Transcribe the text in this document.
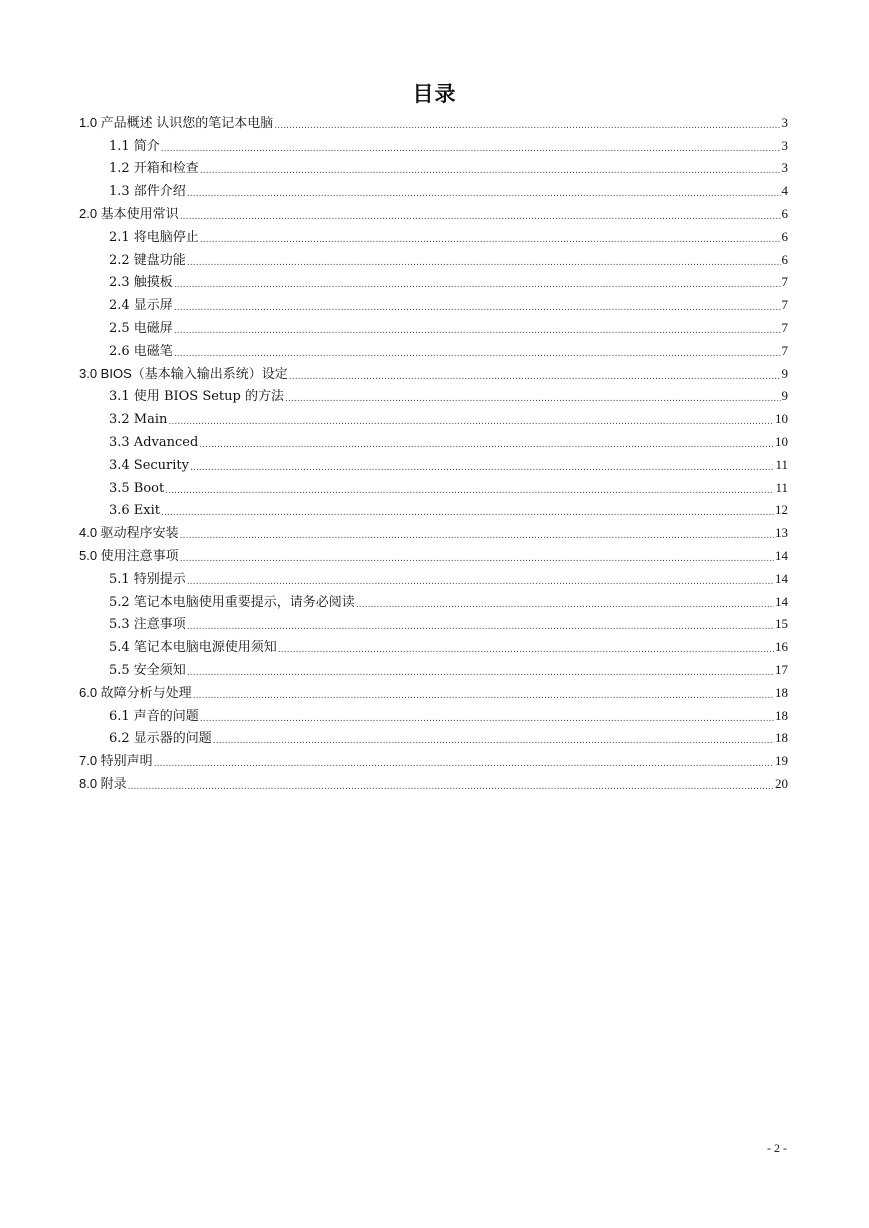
目录
1.0 产品概述 认识您的笔记本电脑 .....	3
1.1 简介 .....	3
1.2 开箱和检查 .....	3
1.3 部件介绍 .....	4
2.0 基本使用常识 .....	6
2.1 将电脑停止 .....	6
2.2 键盘功能 .....	6
2.3 触摸板 .....	7
2.4 显示屏 .....	7
2.5 电磁屏 .....	7
2.6 电磁笔 .....	7
3.0 BIOS（基本输入输出系统）设定 .....	9
3.1 使用 BIOS Setup 的方法 .....	9
3.2 Main .....	10
3.3 Advanced .....	10
3.4 Security .....	11
3.5 Boot .....	11
3.6 Exit .....	12
4.0 驱动程序安装 .....	13
5.0 使用注意事项 .....	14
5.1 特别提示 .....	14
5.2 笔记本电脑使用重要提示，请务必阅读 .....	14
5.3 注意事项 .....	15
5.4 笔记本电脑电源使用须知 .....	16
5.5 安全须知 .....	17
6.0 故障分析与处理 .....	18
6.1 声音的问题 .....	18
6.2 显示器的问题 .....	18
7.0 特别声明 .....	19
8.0 附录 .....	20
- 2 -
